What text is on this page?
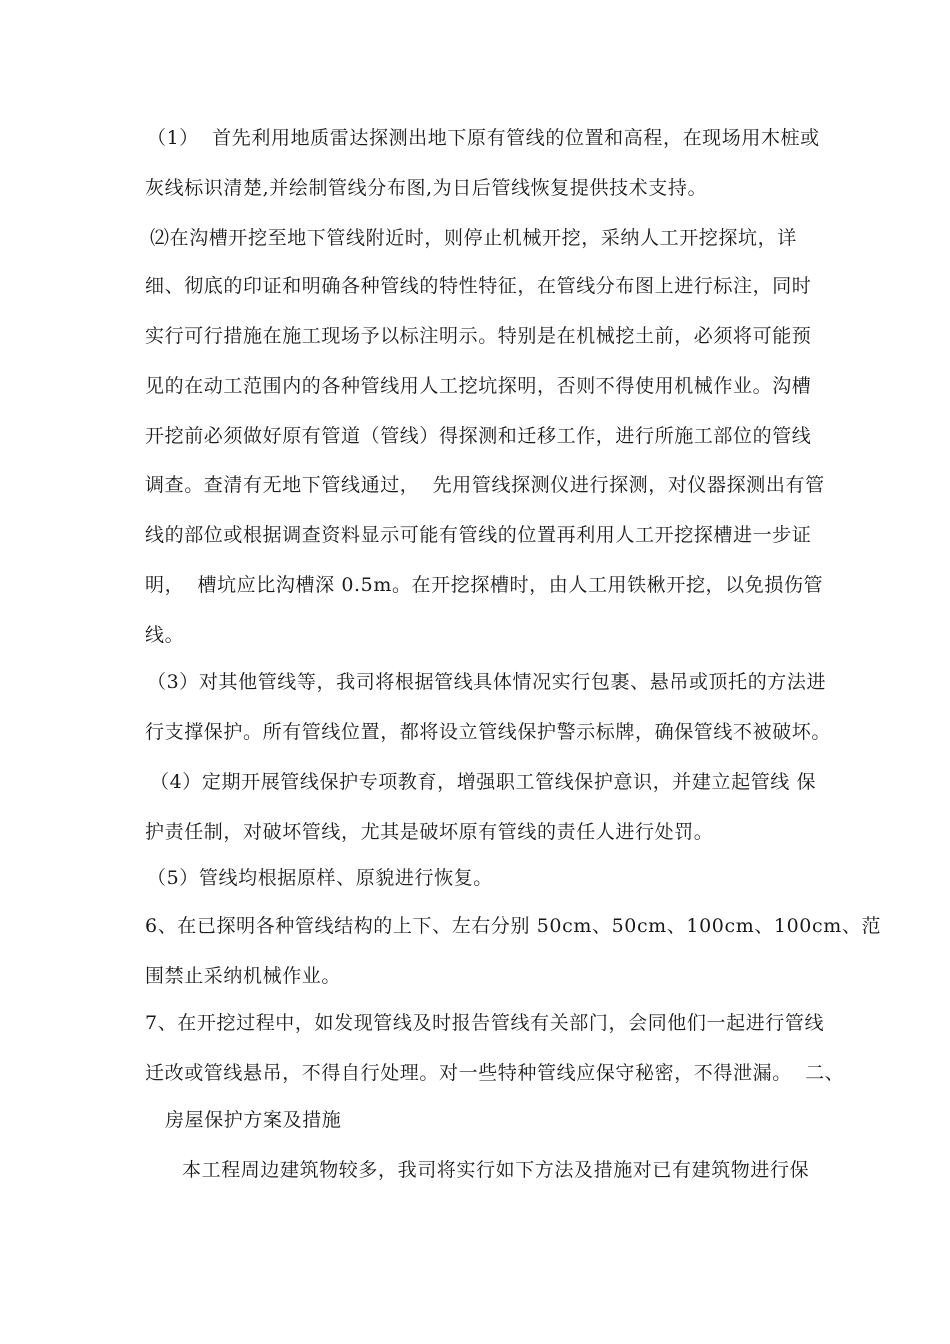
（1）  首先利用地质雷达探测出地下原有管线的位置和高程，在现场用木桩或
灰线标识清楚,并绘制管线分布图,为日后管线恢复提供技术支持。
⑵在沟槽开挖至地下管线附近时，则停止机械开挖，采纳人工开挖探坑，详
细、彻底的印证和明确各种管线的特性特征，在管线分布图上进行标注，同时
实行可行措施在施工现场予以标注明示。特别是在机械挖土前，必须将可能预
见的在动工范围内的各种管线用人工挖坑探明，否则不得使用机械作业。沟槽
开挖前必须做好原有管道（管线）得探测和迁移工作，进行所施工部位的管线
调查。查清有无地下管线通过，  先用管线探测仪进行探测，对仪器探测出有管
线的部位或根据调查资料显示可能有管线的位置再利用人工开挖探槽进一步证
明，  槽坑应比沟槽深 0.5m。在开挖探槽时，由人工用铁楸开挖，以免损伤管
线。
（3）对其他管线等，我司将根据管线具体情况实行包裹、悬吊或顶托的方法进
行支撑保护。所有管线位置，都将设立管线保护警示标牌，确保管线不被破坏。
（4）定期开展管线保护专项教育，增强职工管线保护意识，并建立起管线 保
护责任制，对破坏管线，尤其是破坏原有管线的责任人进行处罚。
（5）管线均根据原样、原貌进行恢复。
6、在已探明各种管线结构的上下、左右分别 50cm、50cm、100cm、100cm、范
围禁止采纳机械作业。
7、在开挖过程中，如发现管线及时报告管线有关部门，会同他们一起进行管线
迁改或管线悬吊，不得自行处理。对一些特种管线应保守秘密，不得泄漏。  二、
房屋保护方案及措施
本工程周边建筑物较多，我司将实行如下方法及措施对已有建筑物进行保
